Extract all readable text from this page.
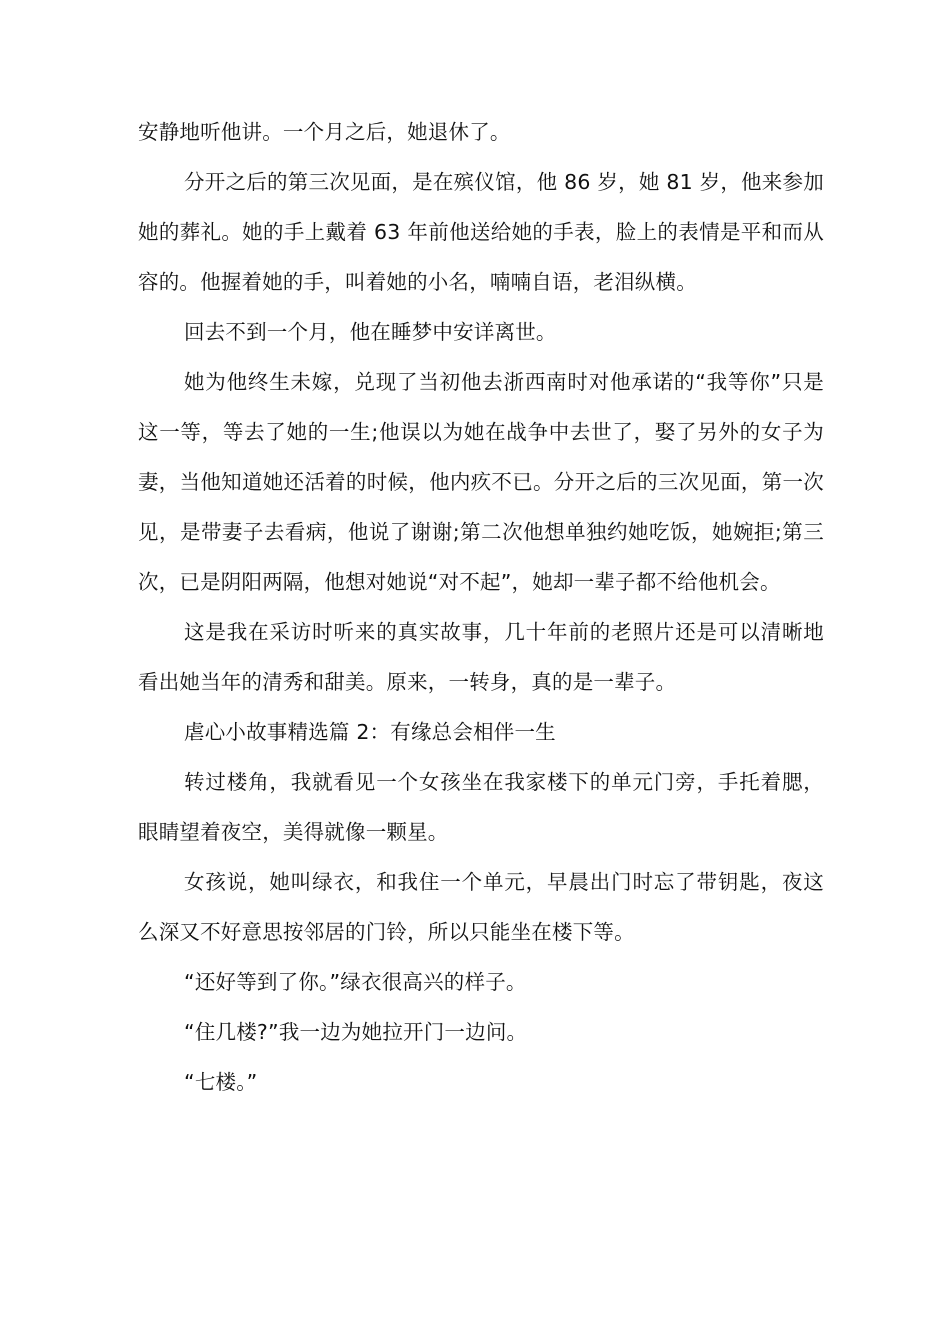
安静地听他讲。一个月之后，她退休了。

分开之后的第三次见面，是在殡仪馆，他 86 岁，她 81 岁，他来参加她的葬礼。她的手上戴着 63 年前他送给她的手表，脸上的表情是平和而从容的。他握着她的手，叫着她的小名，喃喃自语，老泪纵横。

回去不到一个月，他在睡梦中安详离世。

她为他终生未嫁，兑现了当初他去浙西南时对他承诺的“我等你”只是这一等，等去了她的一生;他误以为她在战争中去世了，娶了另外的女子为妻，当他知道她还活着的时候，他内疚不已。分开之后的三次见面，第一次见，是带妻子去看病，他说了谢谢;第二次他想单独约她吃饭，她婉拒;第三次，已是阴阳两隔，他想对她说“对不起”，她却一辈子都不给他机会。

这是我在采访时听来的真实故事，几十年前的老照片还是可以清晰地看出她当年的清秀和甜美。原来，一转身，真的是一辈子。

虐心小故事精选篇 2：有缘总会相伴一生

转过楼角，我就看见一个女孩坐在我家楼下的单元门旁，手托着腮，眼睛望着夜空，美得就像一颗星。

女孩说，她叫绿衣，和我住一个单元，早晨出门时忘了带钥匙，夜这么深又不好意思按邻居的门铃，所以只能坐在楼下等。

“还好等到了你。”绿衣很高兴的样子。

“住几楼?”我一边为她拉开门一边问。

“七楼。”
